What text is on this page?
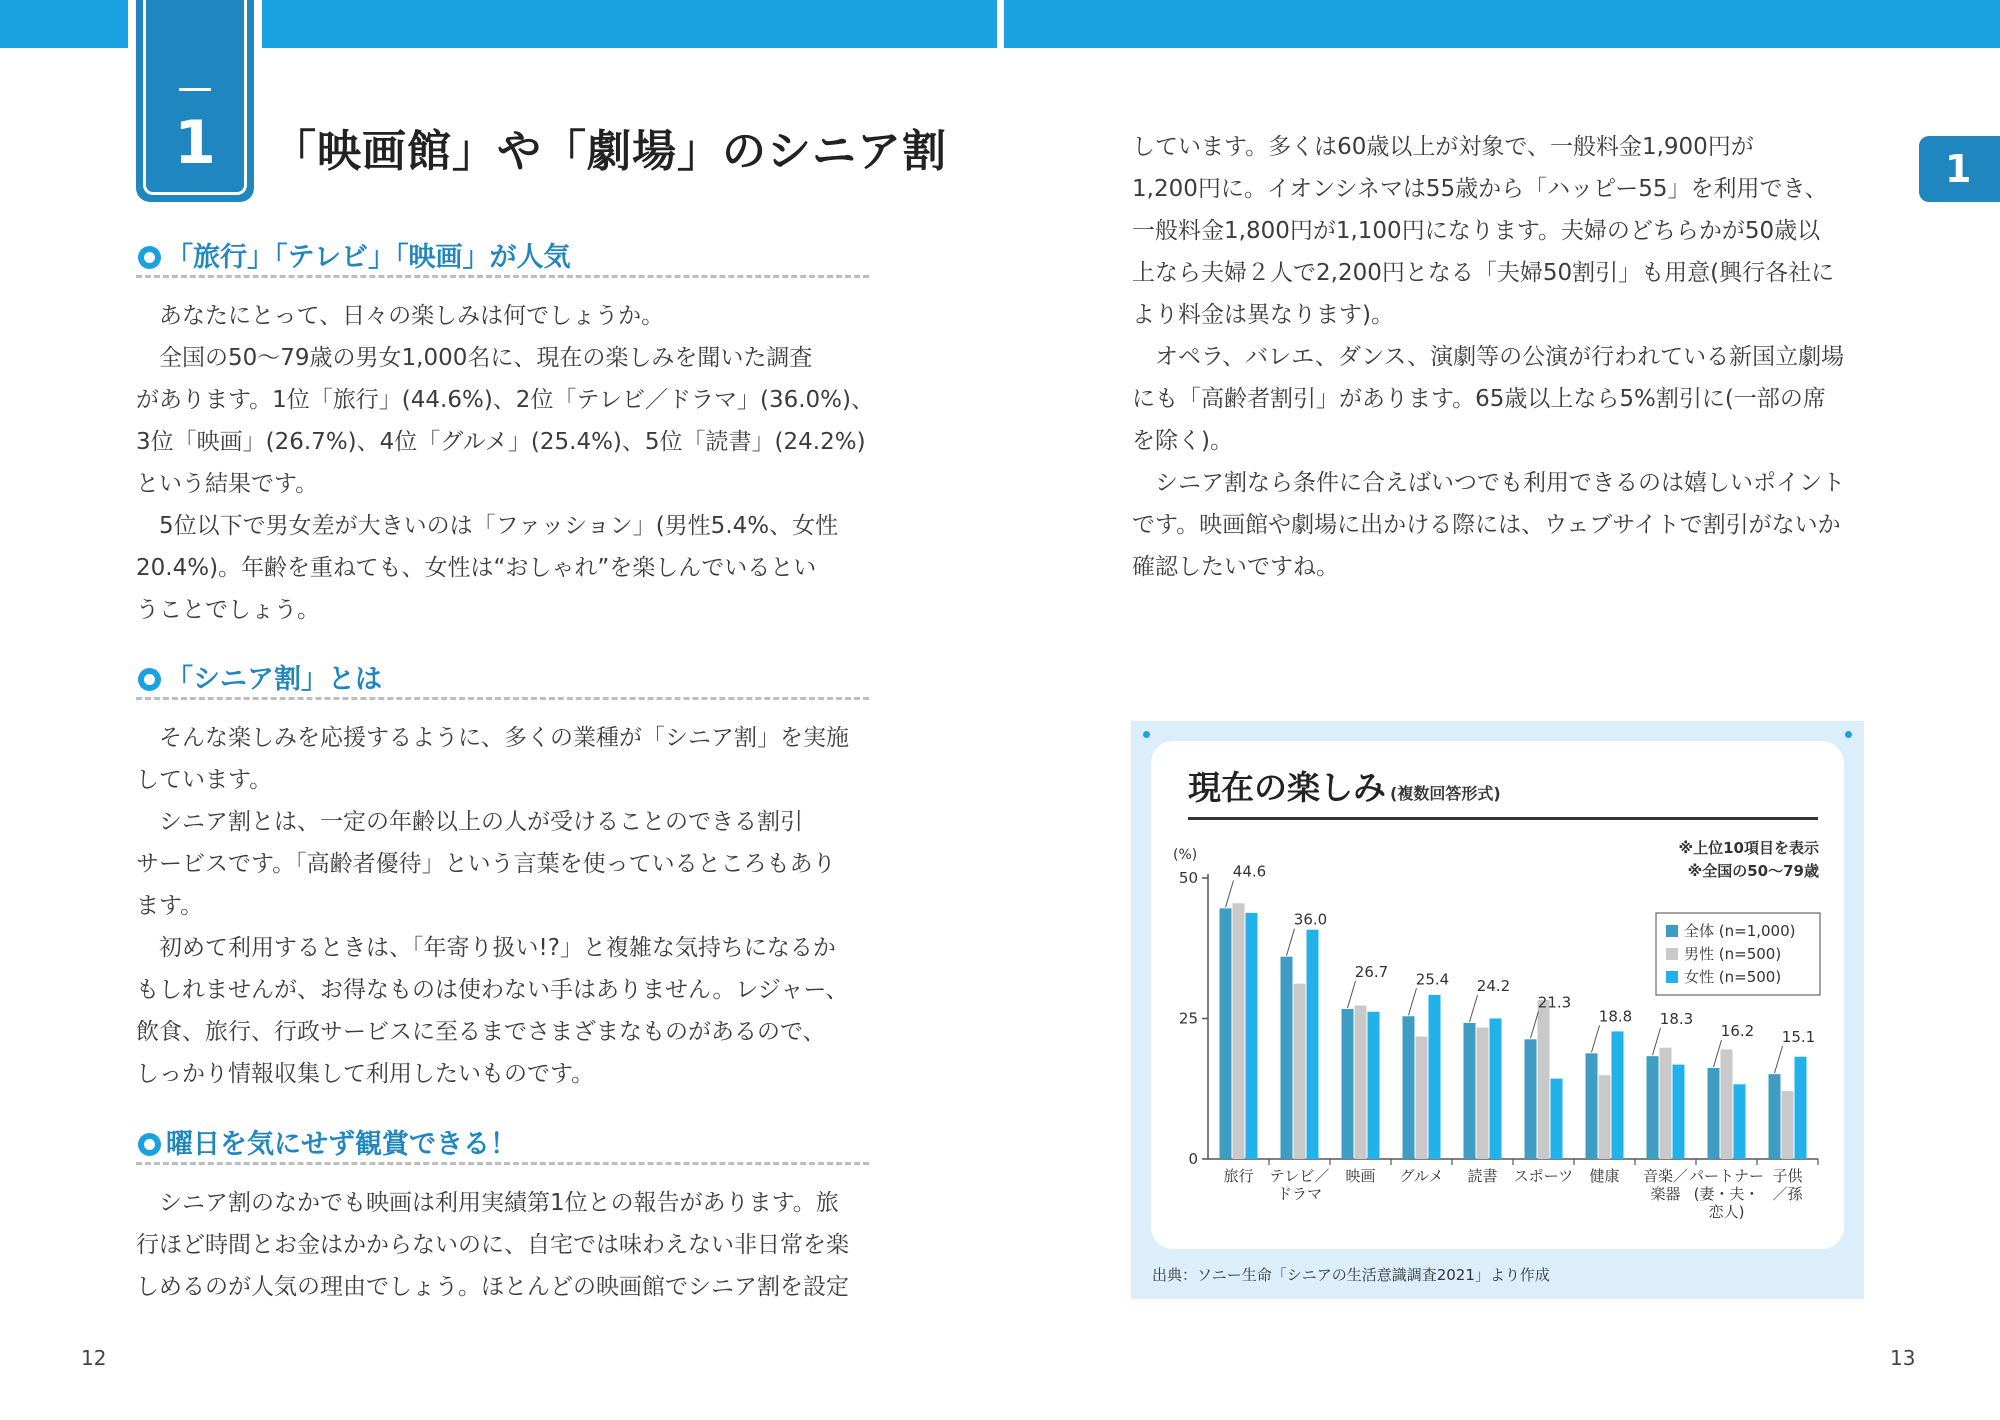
1	「映画館」や「劇場」のシニア割	1
「旅行」「テレビ」「映画」が人気
　あなたにとって、日々の楽しみは何でしょうか。
　全国の50～79歳の男女1,000名に、現在の楽しみを聞いた調査
があります。1位「旅行」(44.6%)、2位「テレビ／ドラマ」(36.0%)、
3位「映画」(26.7%)、4位「グルメ」(25.4%)、5位「読書」(24.2%)
という結果です。
　5位以下で男女差が大きいのは「ファッション」(男性5.4%、女性
20.4%)。年齢を重ねても、女性は“おしゃれ”を楽しんでいるとい
うことでしょう。
「シニア割」とは
　そんな楽しみを応援するように、多くの業種が「シニア割」を実施
しています。
　シニア割とは、一定の年齢以上の人が受けることのできる割引
サービスです。「高齢者優待」という言葉を使っているところもあり
ます。
　初めて利用するときは、「年寄り扱い!?」と複雑な気持ちになるか
もしれませんが、お得なものは使わない手はありません。レジャー、
飲食、旅行、行政サービスに至るまでさまざまなものがあるので、
しっかり情報収集して利用したいものです。
曜日を気にせず観賞できる！
　シニア割のなかでも映画は利用実績第1位との報告があります。旅
行ほど時間とお金はかからないのに、自宅では味わえない非日常を楽
しめるのが人気の理由でしょう。ほとんどの映画館でシニア割を設定
しています。多くは60歳以上が対象で、一般料金1,900円が
1,200円に。イオンシネマは55歳から「ハッピー55」を利用でき、
一般料金1,800円が1,100円になります。夫婦のどちらかが50歳以
上なら夫婦２人で2,200円となる「夫婦50割引」も用意(興行各社に
より料金は異なります)。
　オペラ、バレエ、ダンス、演劇等の公演が行われている新国立劇場
にも「高齢者割引」があります。65歳以上なら5%割引に(一部の席
を除く)。
　シニア割なら条件に合えばいつでも利用できるのは嬉しいポイント
です。映画館や劇場に出かける際には、ウェブサイトで割引がないか
確認したいですね。
現在の楽しみ (複数回答形式)
0
25
50
(%)	※上位10項目を表示
※全国の50～79歳
全体 (n=1,000)
男性 (n=500)
女性 (n=500)
44.6
旅行
36.0
テレビ／
ドラマ
26.7
映画
25.4
グルメ
24.2
読書
21.3
スポーツ
18.8
健康
18.3
音楽／
楽器
16.2
パートナー
(妻・夫・
恋人)
15.1
子供
／孫
出典：ソニー生命「シニアの生活意識調査2021」より作成
12	13
